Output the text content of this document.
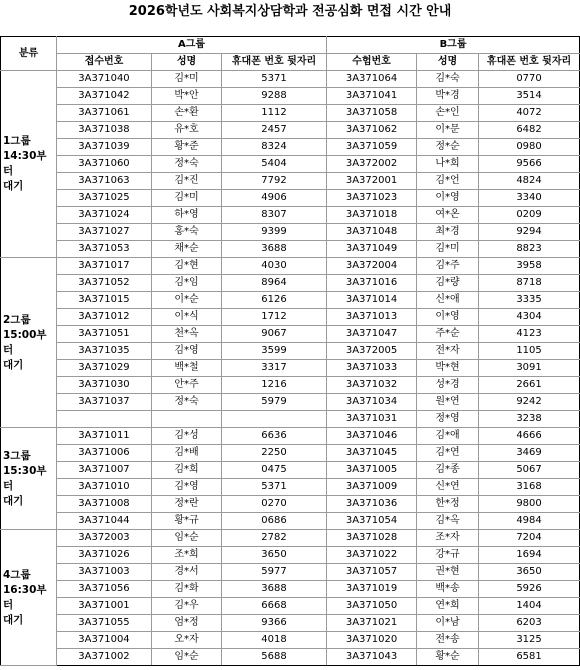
2026학년도 사회복지상담학과 전공심화 면접 시간 안내
분류	A그룹			B그룹		
	접수번호	성명	휴대폰 번호 뒷자리	수험번호	성명	휴대폰 번호 뒷자리

1그룹
14:30부터
대기	3A371040	김*미	5371	3A371064	김*숙	0770
	3A371042	박*안	9288	3A371041	박*경	3514
	3A371061	손*환	1112	3A371058	손*인	4072
	3A371038	유*호	2457	3A371062	이*문	6482
	3A371039	황*준	8324	3A371059	정*순	0980
	3A371060	정*숙	5404	3A372002	나*희	9566
	3A371063	김*진	7792	3A372001	김*언	4824
	3A371025	김*미	4906	3A371023	이*영	3340
	3A371024	하*영	8307	3A371018	여*온	0209
	3A371027	홍*숙	9399	3A371048	최*경	9294
	3A371053	채*순	3688	3A371049	김*미	8823

2그룹
15:00부터
대기	3A371017	김*현	4030	3A372004	김*주	3958
	3A371052	김*임	8964	3A371016	김*량	8718
	3A371015	이*순	6126	3A371014	신*애	3335
	3A371012	이*식	1712	3A371013	이*영	4304
	3A371051	천*옥	9067	3A371047	주*순	4123
	3A371035	김*영	3599	3A372005	전*자	1105
	3A371029	백*철	3317	3A371033	박*현	3091
	3A371030	안*주	1216	3A371032	성*경	2661
	3A371037	정*숙	5979	3A371034	원*연	9242
				3A371031	정*영	3238

3그룹
15:30부터
대기	3A371011	김*성	6636	3A371046	김*애	4666
	3A371006	김*배	2250	3A371045	김*연	3469
	3A371007	김*희	0475	3A371005	김*종	5067
	3A371010	김*영	5371	3A371009	신*연	3168
	3A371008	정*란	0270	3A371036	한*정	9800
	3A371044	황*규	0686	3A371054	김*옥	4984

4그룹
16:30부터
대기	3A372003	임*순	2782	3A371028	조*자	7204
	3A371026	조*희	3650	3A371022	강*규	1694
	3A371003	경*서	5977	3A371057	권*현	3650
	3A371056	김*화	3688	3A371019	백*송	5926
	3A371001	김*우	6668	3A371050	연*희	1404
	3A371055	엄*정	9366	3A371021	이*남	6203
	3A371004	오*자	4018	3A371020	전*송	3125
	3A371002	임*순	5688	3A371043	황*순	6581
